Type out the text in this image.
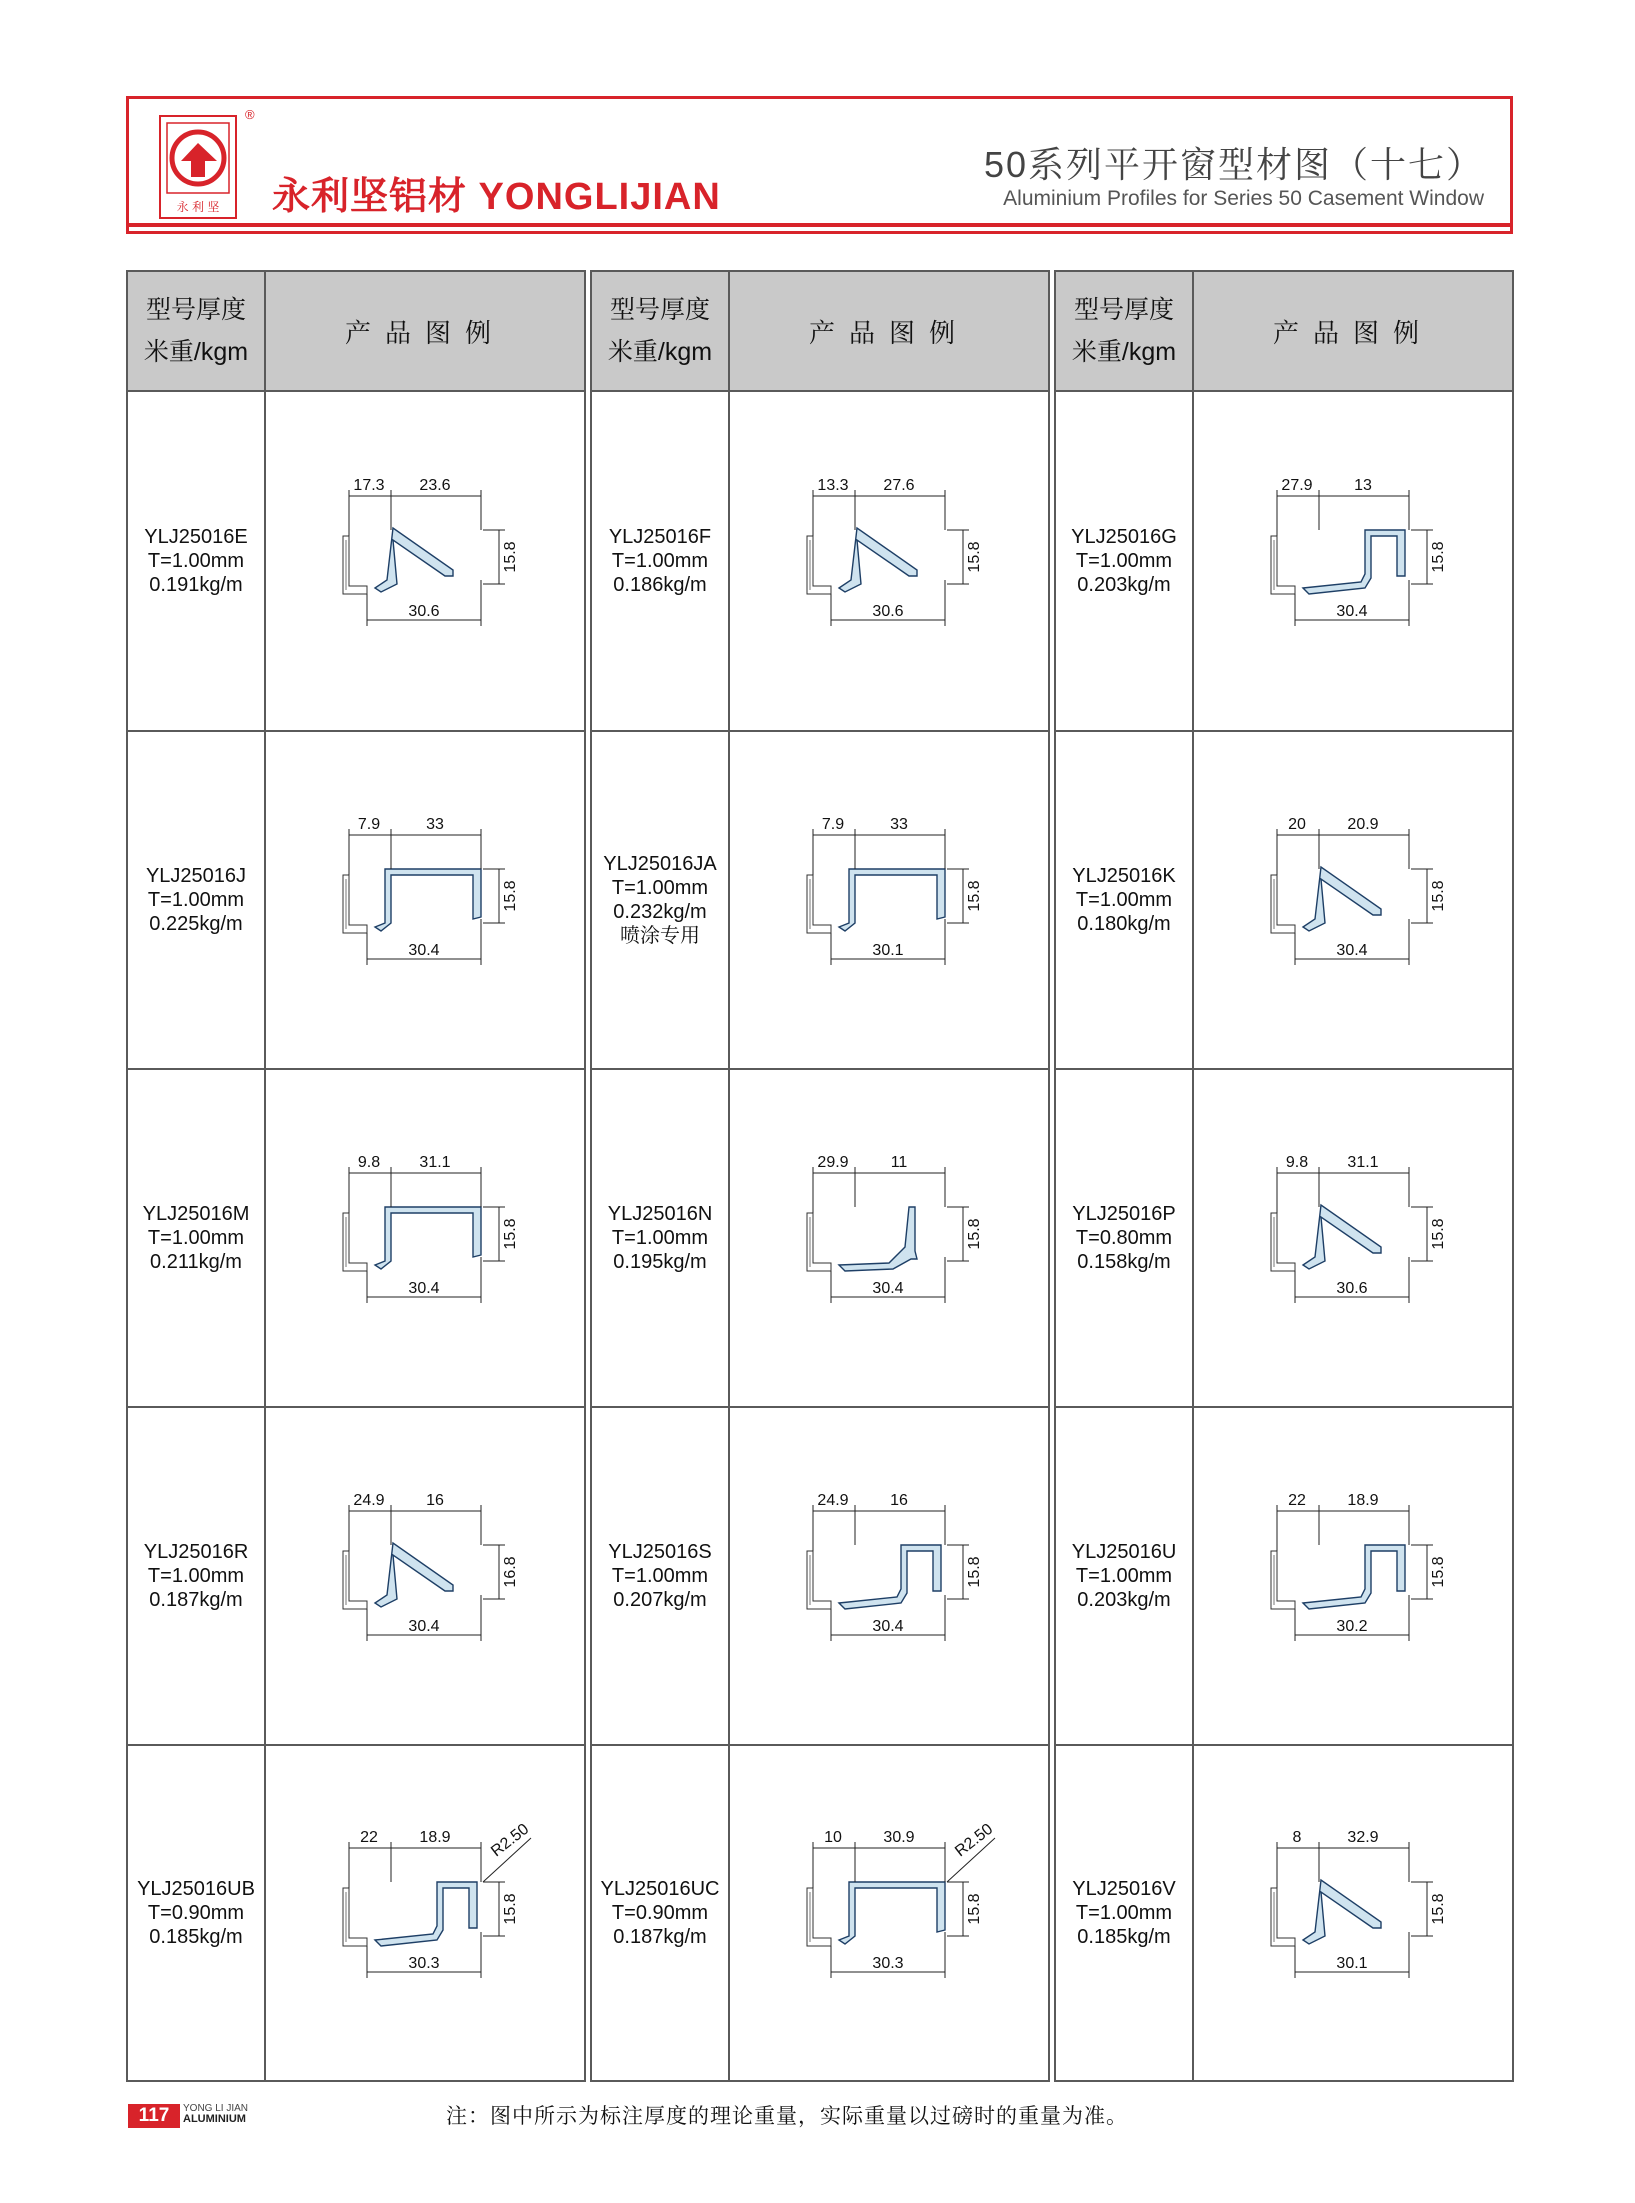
永 利 坚
®
永利坚铝材 YONGLIJIAN
50系列平开窗型材图（十七）
Aluminium Profiles for Series 50 Casement Window
型号厚度
米重/kgm
产品图例
YLJ25016E
T=1.00mm
0.191kg/m
17.3 23.6
30.6
15.8
YLJ25016J
T=1.00mm
0.225kg/m
7.9	33
30.4
15.8
YLJ25016M
T=1.00mm
0.211kg/m
9.8 31.1
30.4
15.8
YLJ25016R
T=1.00mm
0.187kg/m
24.9	16
30.4
16.8
YLJ25016UB
T=0.90mm
0.185kg/m
22	18.9
30.3
15.8
R2.50
型号厚度
米重/kgm
产品图例
YLJ25016F
T=1.00mm
0.186kg/m
13.3 27.6
30.6
15.8
YLJ25016JA
T=1.00mm
0.232kg/m
喷涂专用
7.9	33
30.1
15.8
YLJ25016N
T=1.00mm
0.195kg/m
29.9	11
30.4
15.8
YLJ25016S
T=1.00mm
0.207kg/m
24.9	16
30.4
15.8
YLJ25016UC
T=0.90mm
0.187kg/m
10	30.9
30.3
15.8
R2.50
型号厚度
米重/kgm
产品图例
YLJ25016G
T=1.00mm
0.203kg/m
27.9	13
30.4
15.8
YLJ25016K
T=1.00mm
0.180kg/m
20	20.9
30.4
15.8
YLJ25016P
T=0.80mm
0.158kg/m
9.8 31.1
30.6
15.8
YLJ25016U
T=1.00mm
0.203kg/m
22	18.9
30.2
15.8
YLJ25016V
T=1.00mm
0.185kg/m
8	32.9
30.1
15.8
117	YONG LI JIAN
ALUMINIUM	注：图中所示为标注厚度的理论重量，实际重量以过磅时的重量为准。
